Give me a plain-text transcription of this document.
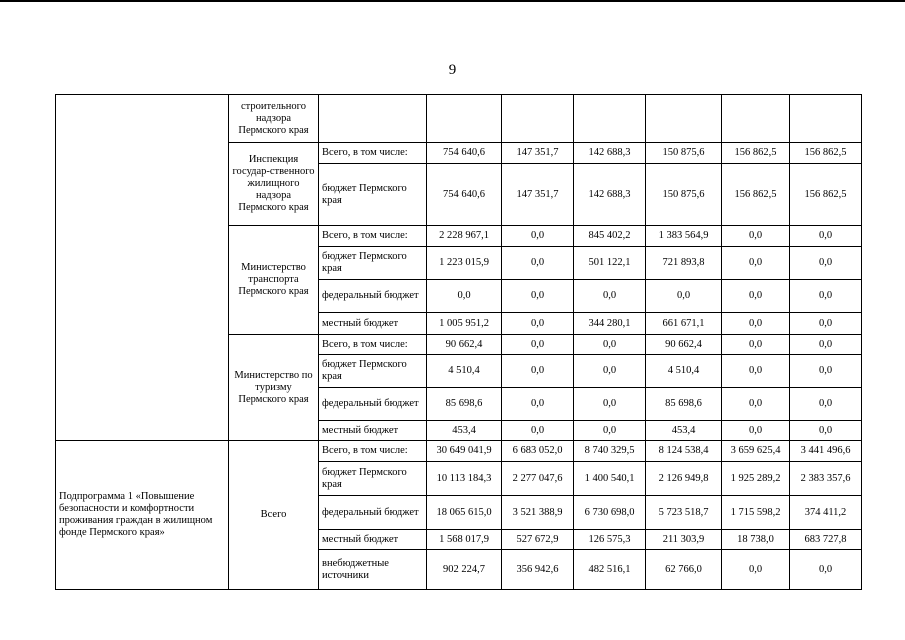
9
	строительного надзора Пермского края							
	Инспекция государ-ственного жилищного надзора Пермского края	Всего, в том числе:	754 640,6	147 351,7	142 688,3	150 875,6	156 862,5	156 862,5
		бюджет Пермского края	754 640,6	147 351,7	142 688,3	150 875,6	156 862,5	156 862,5
	Министерство транспорта Пермского края	Всего, в том числе:	2 228 967,1	0,0	845 402,2	1 383 564,9	0,0	0,0
		бюджет Пермского края	1 223 015,9	0,0	501 122,1	721 893,8	0,0	0,0
		федеральный бюджет	0,0	0,0	0,0	0,0	0,0	0,0
		местный бюджет	1 005 951,2	0,0	344 280,1	661 671,1	0,0	0,0
	Министерство по туризму Пермского края	Всего, в том числе:	90 662,4	0,0	0,0	90 662,4	0,0	0,0
		бюджет Пермского края	4 510,4	0,0	0,0	4 510,4	0,0	0,0
		федеральный бюджет	85 698,6	0,0	0,0	85 698,6	0,0	0,0
		местный бюджет	453,4	0,0	0,0	453,4	0,0	0,0
Подпрограмма 1 «Повышение безопасности и комфортности проживания граждан в жилищном фонде Пермского края»	Всего	Всего, в том числе:	30 649 041,9	6 683 052,0	8 740 329,5	8 124 538,4	3 659 625,4	3 441 496,6
		бюджет Пермского края	10 113 184,3	2 277 047,6	1 400 540,1	2 126 949,8	1 925 289,2	2 383 357,6
		федеральный бюджет	18 065 615,0	3 521 388,9	6 730 698,0	5 723 518,7	1 715 598,2	374 411,2
		местный бюджет	1 568 017,9	527 672,9	126 575,3	211 303,9	18 738,0	683 727,8
		внебюджетные источники	902 224,7	356 942,6	482 516,1	62 766,0	0,0	0,0
